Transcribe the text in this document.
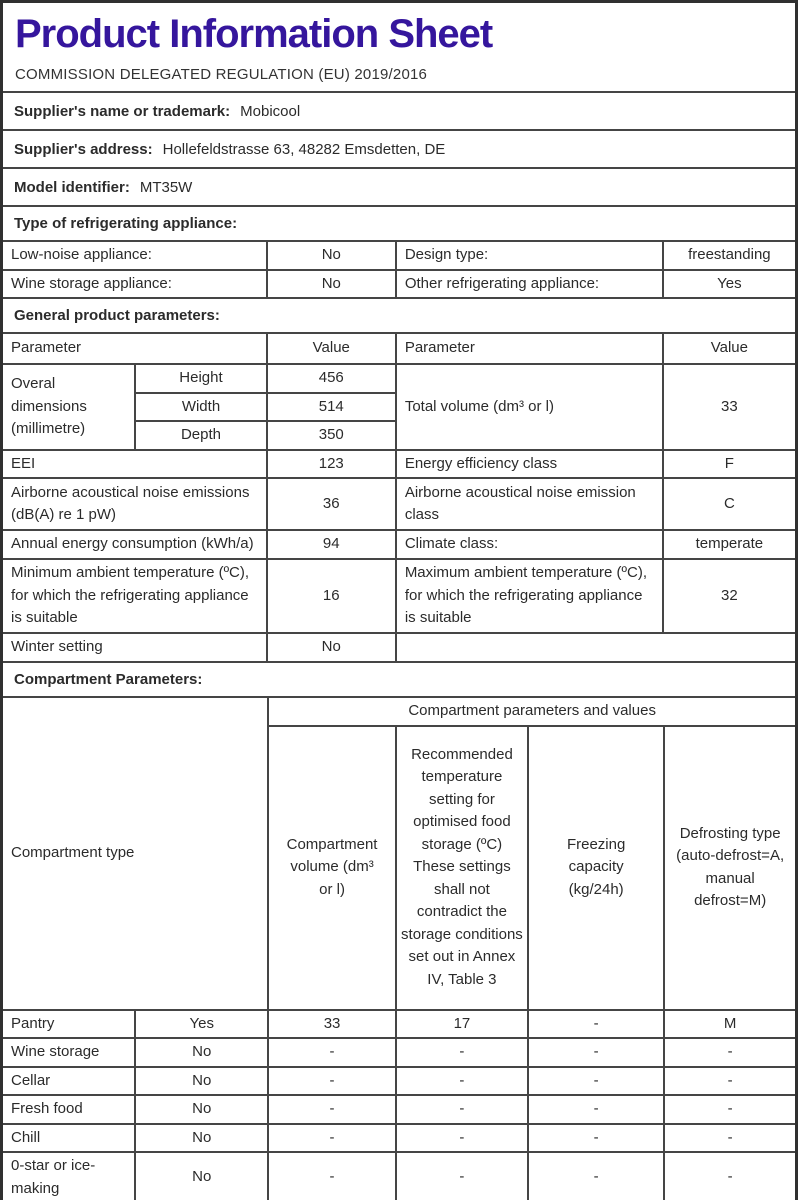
Product Information Sheet
COMMISSION DELEGATED REGULATION (EU) 2019/2016
Supplier's name or trademark: Mobicool
Supplier's address: Hollefeldstrasse 63, 48282 Emsdetten, DE
Model identifier: MT35W
Type of refrigerating appliance:
Low-noise appliance:	No	Design type:	freestanding
Wine storage appliance:	No	Other refrigerating appliance:	Yes
General product parameters:
Parameter		Value	Parameter	Value
Overal dimensions (millimetre)	Height	456	Total volume (dm³ or l)	33
	Width	514		
	Depth	350		
EEI		123	Energy efficiency class	F
Airborne acoustical noise emissions (dB(A) re 1 pW)		36	Airborne acoustical noise emission class	C
Annual energy consumption (kWh/a)		94	Climate class:	temperate
Minimum ambient temperature (ºC), for which the refrigerating appliance is suitable		16	Maximum ambient temperature (ºC), for which the refrigerating appliance is suitable	32
Winter setting		No		
Compartment Parameters:
Compartment type		Compartment parameters and values			
		Compartment volume (dm³ or l)	Recommended temperature setting for optimised food storage (ºC) These settings shall not contradict the storage conditions set out in Annex IV, Table 3	Freezing capacity (kg/24h)	Defrosting type (auto-defrost=A, manual defrost=M)
Pantry	Yes	33	17	-	M
Wine storage	No	-	-	-	-
Cellar	No	-	-	-	-
Fresh food	No	-	-	-	-
Chill	No	-	-	-	-
0-star or ice-making	No	-	-	-	-
